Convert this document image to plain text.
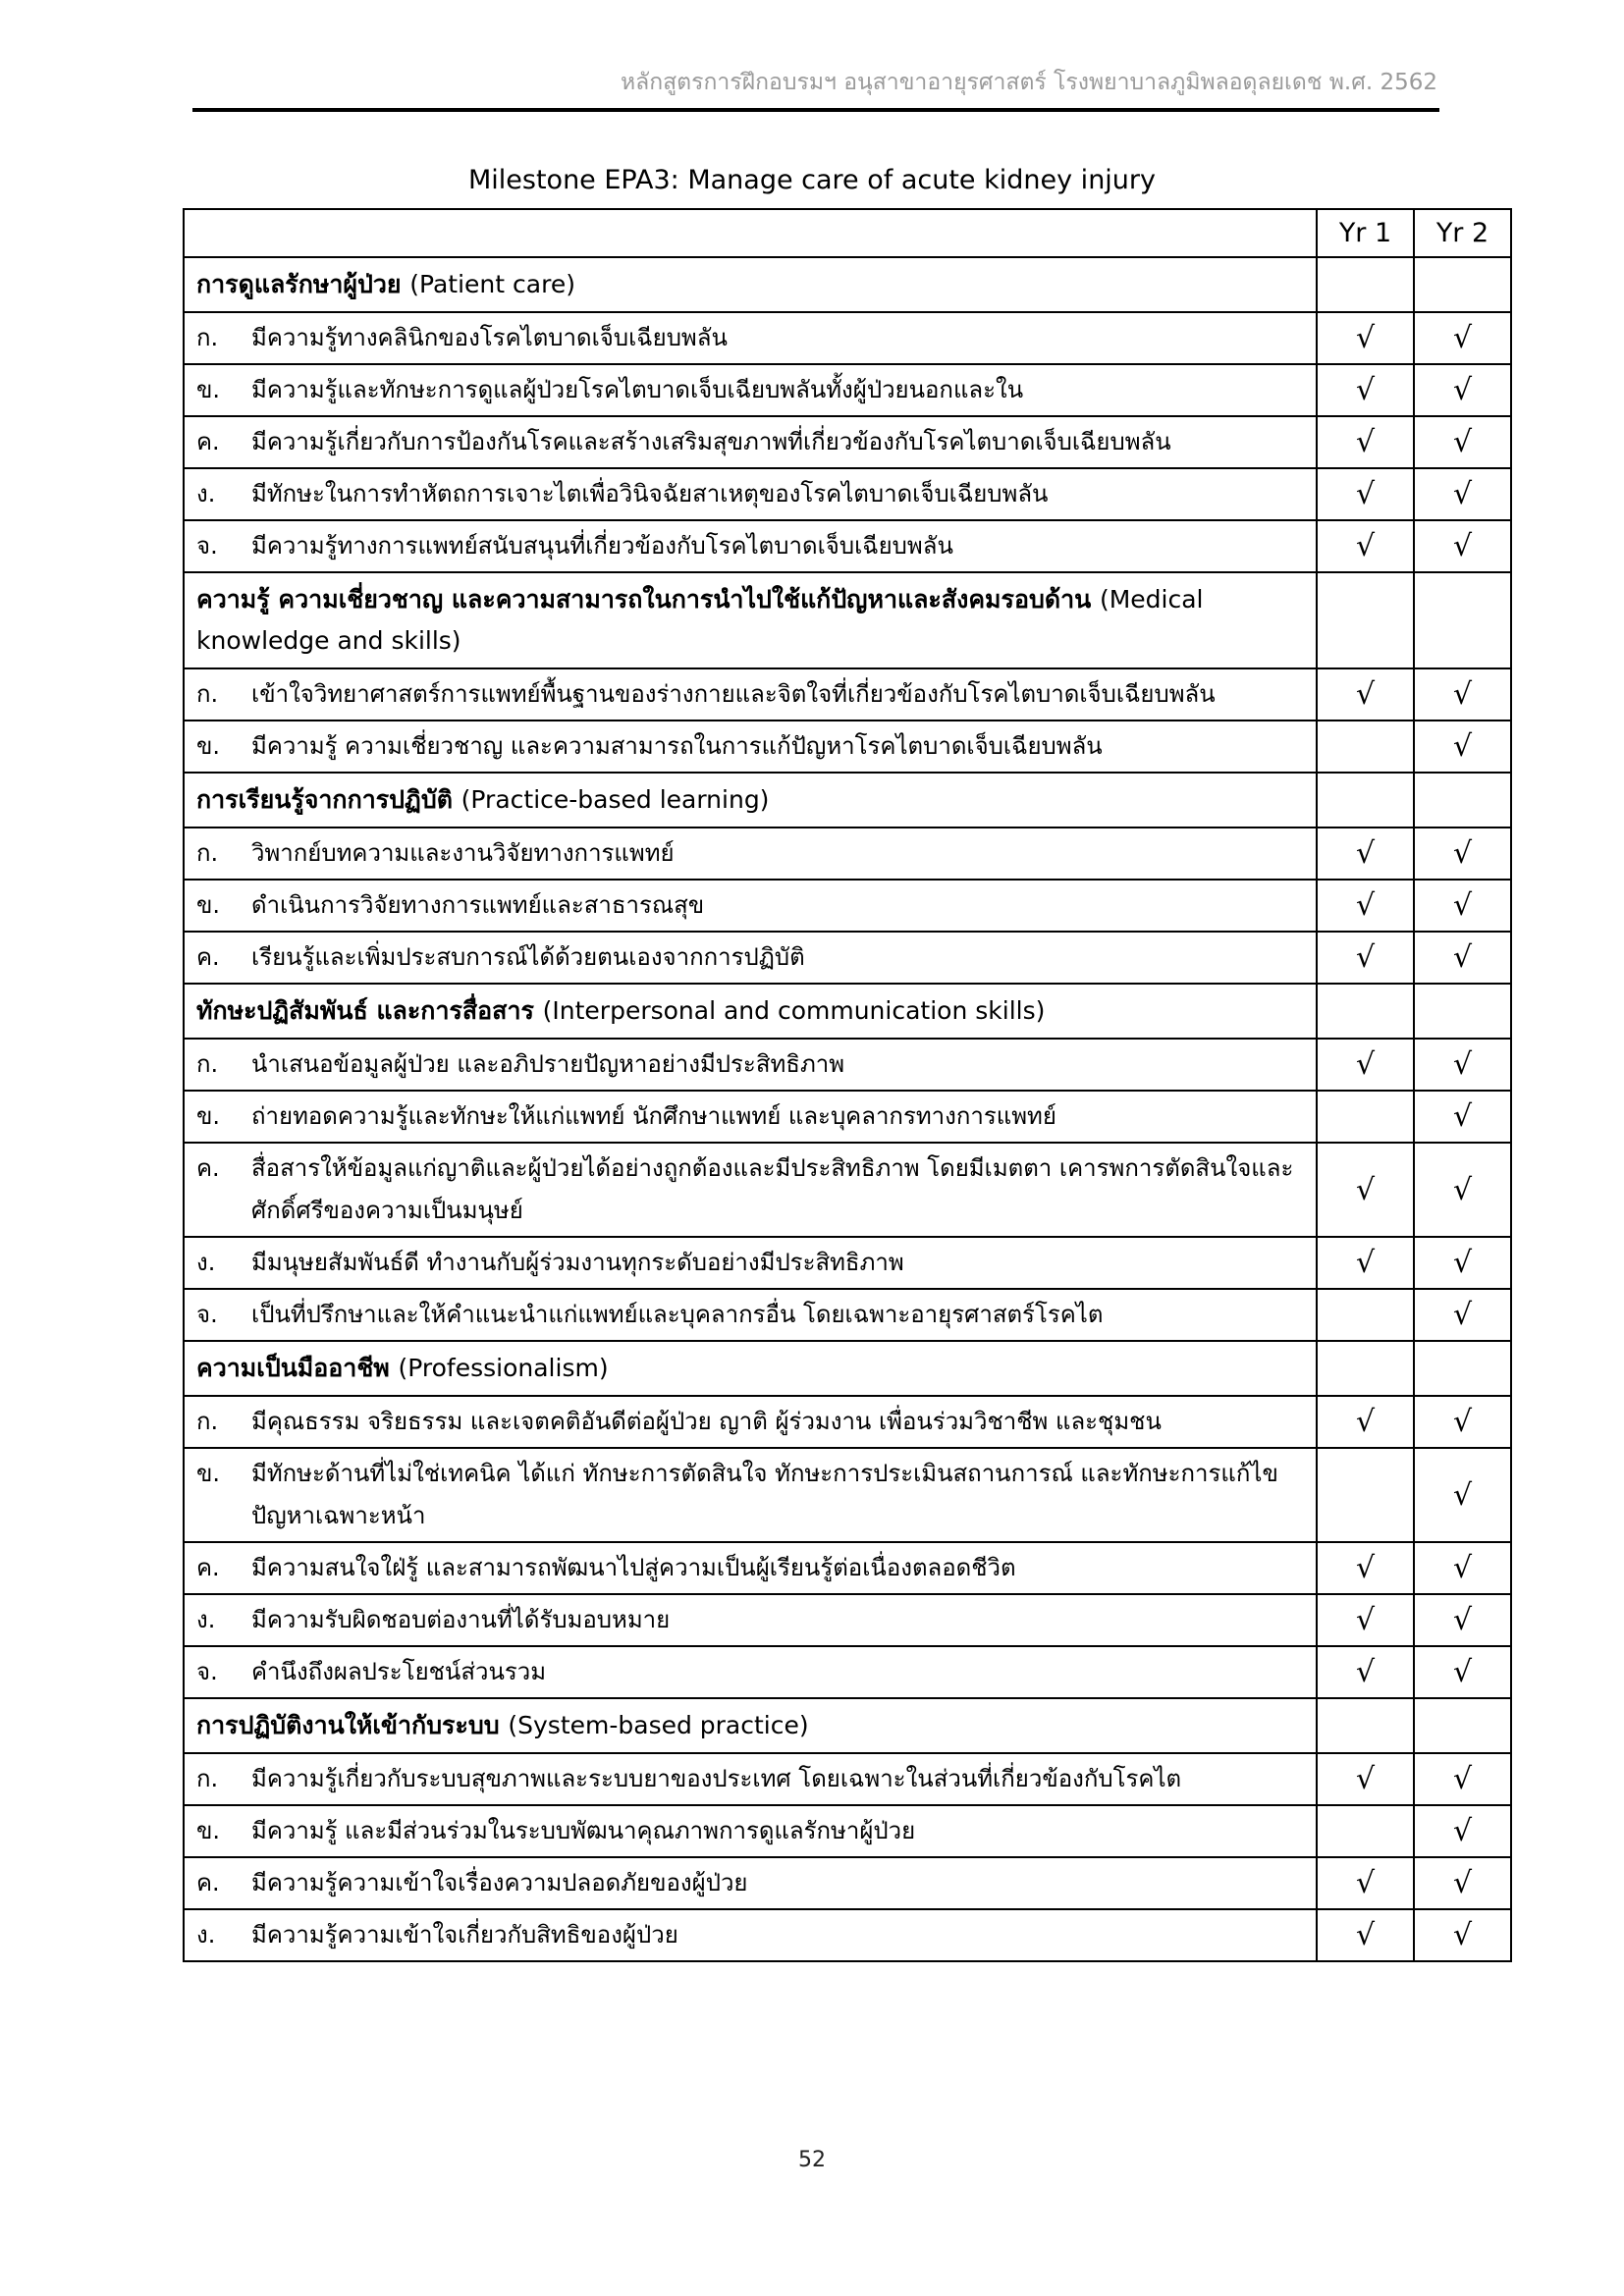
หลักสูตรการฝึกอบรมฯ อนุสาขาอายุรศาสตร์ โรงพยาบาลภูมิพลอดุลยเดช พ.ศ. 2562
Milestone EPA3: Manage care of acute kidney injury
	Yr 1	Yr 2
การดูแลรักษาผู้ป่วย (Patient care)		

ก. มีความรู้ทางคลินิกของโรคไตบาดเจ็บเฉียบพลัน	√	√

ข. มีความรู้และทักษะการดูแลผู้ป่วยโรคไตบาดเจ็บเฉียบพลันทั้งผู้ป่วยนอกและใน	√	√

ค. มีความรู้เกี่ยวกับการป้องกันโรคและสร้างเสริมสุขภาพที่เกี่ยวข้องกับโรคไตบาดเจ็บเฉียบพลัน	√	√

ง. มีทักษะในการทำหัตถการเจาะไตเพื่อวินิจฉัยสาเหตุของโรคไตบาดเจ็บเฉียบพลัน	√	√

จ. มีความรู้ทางการแพทย์สนับสนุนที่เกี่ยวข้องกับโรคไตบาดเจ็บเฉียบพลัน	√	√
ความรู้ ความเชี่ยวชาญ และความสามารถในการนำไปใช้แก้ปัญหาและสังคมรอบด้าน (Medical knowledge and skills)		

ก. เข้าใจวิทยาศาสตร์การแพทย์พื้นฐานของร่างกายและจิตใจที่เกี่ยวข้องกับโรคไตบาดเจ็บเฉียบพลัน	√	√

ข. มีความรู้ ความเชี่ยวชาญ และความสามารถในการแก้ปัญหาโรคไตบาดเจ็บเฉียบพลัน		√
การเรียนรู้จากการปฏิบัติ (Practice-based learning)		

ก. วิพากย์บทความและงานวิจัยทางการแพทย์	√	√

ข. ดำเนินการวิจัยทางการแพทย์และสาธารณสุข	√	√

ค. เรียนรู้และเพิ่มประสบการณ์ได้ด้วยตนเองจากการปฏิบัติ	√	√
ทักษะปฏิสัมพันธ์ และการสื่อสาร (Interpersonal and communication skills)		

ก. นำเสนอข้อมูลผู้ป่วย และอภิปรายปัญหาอย่างมีประสิทธิภาพ	√	√

ข. ถ่ายทอดความรู้และทักษะให้แก่แพทย์ นักศึกษาแพทย์ และบุคลากรทางการแพทย์		√

ค. สื่อสารให้ข้อมูลแก่ญาติและผู้ป่วยได้อย่างถูกต้องและมีประสิทธิภาพ โดยมีเมตตา เคารพการตัดสินใจและศักดิ์ศรีของความเป็นมนุษย์	√	√

ง. มีมนุษยสัมพันธ์ดี ทำงานกับผู้ร่วมงานทุกระดับอย่างมีประสิทธิภาพ	√	√

จ. เป็นที่ปรึกษาและให้คำแนะนำแก่แพทย์และบุคลากรอื่น โดยเฉพาะอายุรศาสตร์โรคไต		√
ความเป็นมืออาชีพ (Professionalism)		

ก. มีคุณธรรม จริยธรรม และเจตคติอันดีต่อผู้ป่วย ญาติ ผู้ร่วมงาน เพื่อนร่วมวิชาชีพ และชุมชน	√	√

ข. มีทักษะด้านที่ไม่ใช่เทคนิค ได้แก่ ทักษะการตัดสินใจ ทักษะการประเมินสถานการณ์ และทักษะการแก้ไขปัญหาเฉพาะหน้า		√

ค. มีความสนใจใฝ่รู้ และสามารถพัฒนาไปสู่ความเป็นผู้เรียนรู้ต่อเนื่องตลอดชีวิต	√	√

ง. มีความรับผิดชอบต่องานที่ได้รับมอบหมาย	√	√

จ. คำนึงถึงผลประโยชน์ส่วนรวม	√	√
การปฏิบัติงานให้เข้ากับระบบ (System-based practice)		

ก. มีความรู้เกี่ยวกับระบบสุขภาพและระบบยาของประเทศ โดยเฉพาะในส่วนที่เกี่ยวข้องกับโรคไต	√	√

ข. มีความรู้ และมีส่วนร่วมในระบบพัฒนาคุณภาพการดูแลรักษาผู้ป่วย		√

ค. มีความรู้ความเข้าใจเรื่องความปลอดภัยของผู้ป่วย	√	√

ง. มีความรู้ความเข้าใจเกี่ยวกับสิทธิของผู้ป่วย	√	√
52
